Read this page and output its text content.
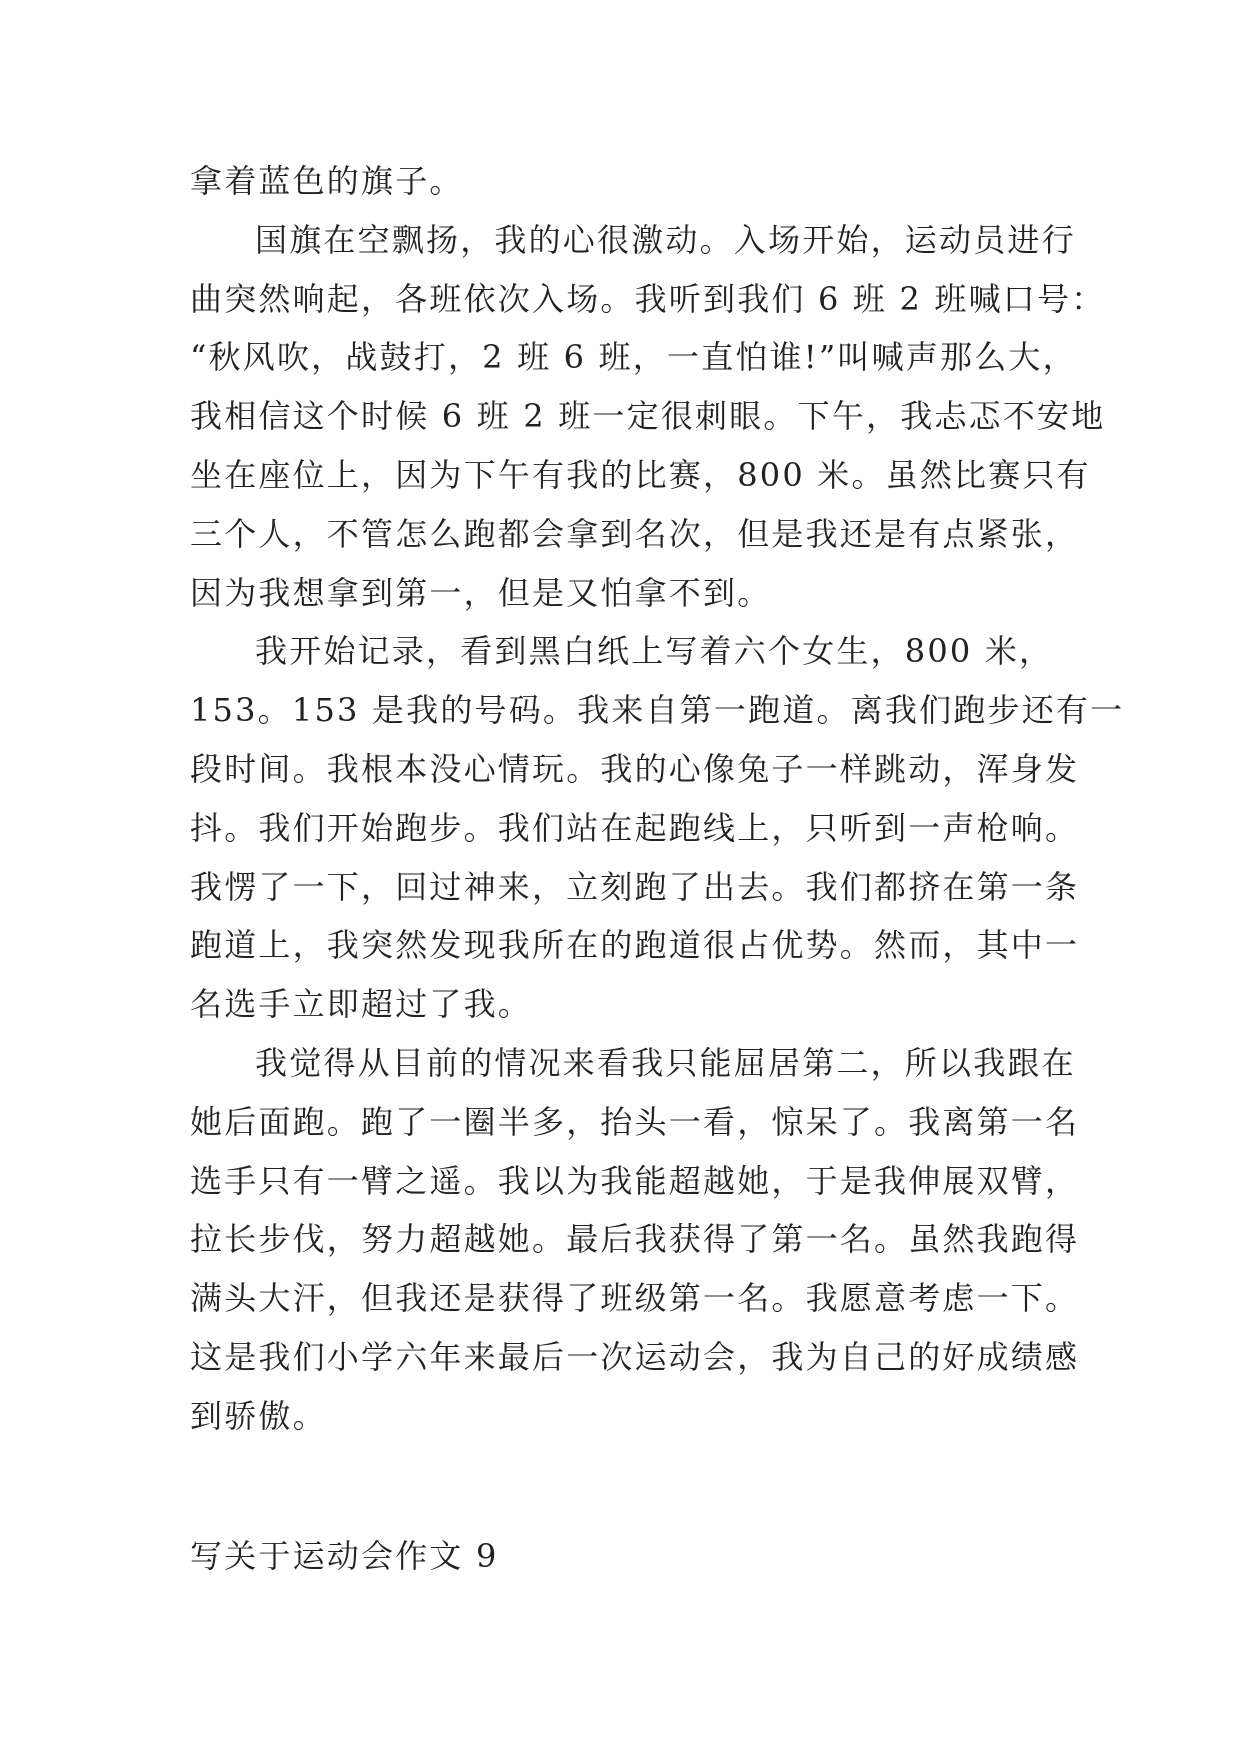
拿着蓝色的旗子。
国旗在空飘扬，我的心很激动。入场开始，运动员进行
曲突然响起，各班依次入场。我听到我们 6 班 2 班喊口号：
“秋风吹，战鼓打，2 班 6 班，一直怕谁!”叫喊声那么大，
我相信这个时候 6 班 2 班一定很刺眼。下午，我忐忑不安地
坐在座位上，因为下午有我的比赛，800 米。虽然比赛只有
三个人，不管怎么跑都会拿到名次，但是我还是有点紧张，
因为我想拿到第一，但是又怕拿不到。
我开始记录，看到黑白纸上写着六个女生，800 米，
153。153 是我的号码。我来自第一跑道。离我们跑步还有一
段时间。我根本没心情玩。我的心像兔子一样跳动，浑身发
抖。我们开始跑步。我们站在起跑线上，只听到一声枪响。
我愣了一下，回过神来，立刻跑了出去。我们都挤在第一条
跑道上，我突然发现我所在的跑道很占优势。然而，其中一
名选手立即超过了我。
我觉得从目前的情况来看我只能屈居第二，所以我跟在
她后面跑。跑了一圈半多，抬头一看，惊呆了。我离第一名
选手只有一臂之遥。我以为我能超越她，于是我伸展双臂，
拉长步伐，努力超越她。最后我获得了第一名。虽然我跑得
满头大汗，但我还是获得了班级第一名。我愿意考虑一下。
这是我们小学六年来最后一次运动会，我为自己的好成绩感
到骄傲。
写关于运动会作文 9
